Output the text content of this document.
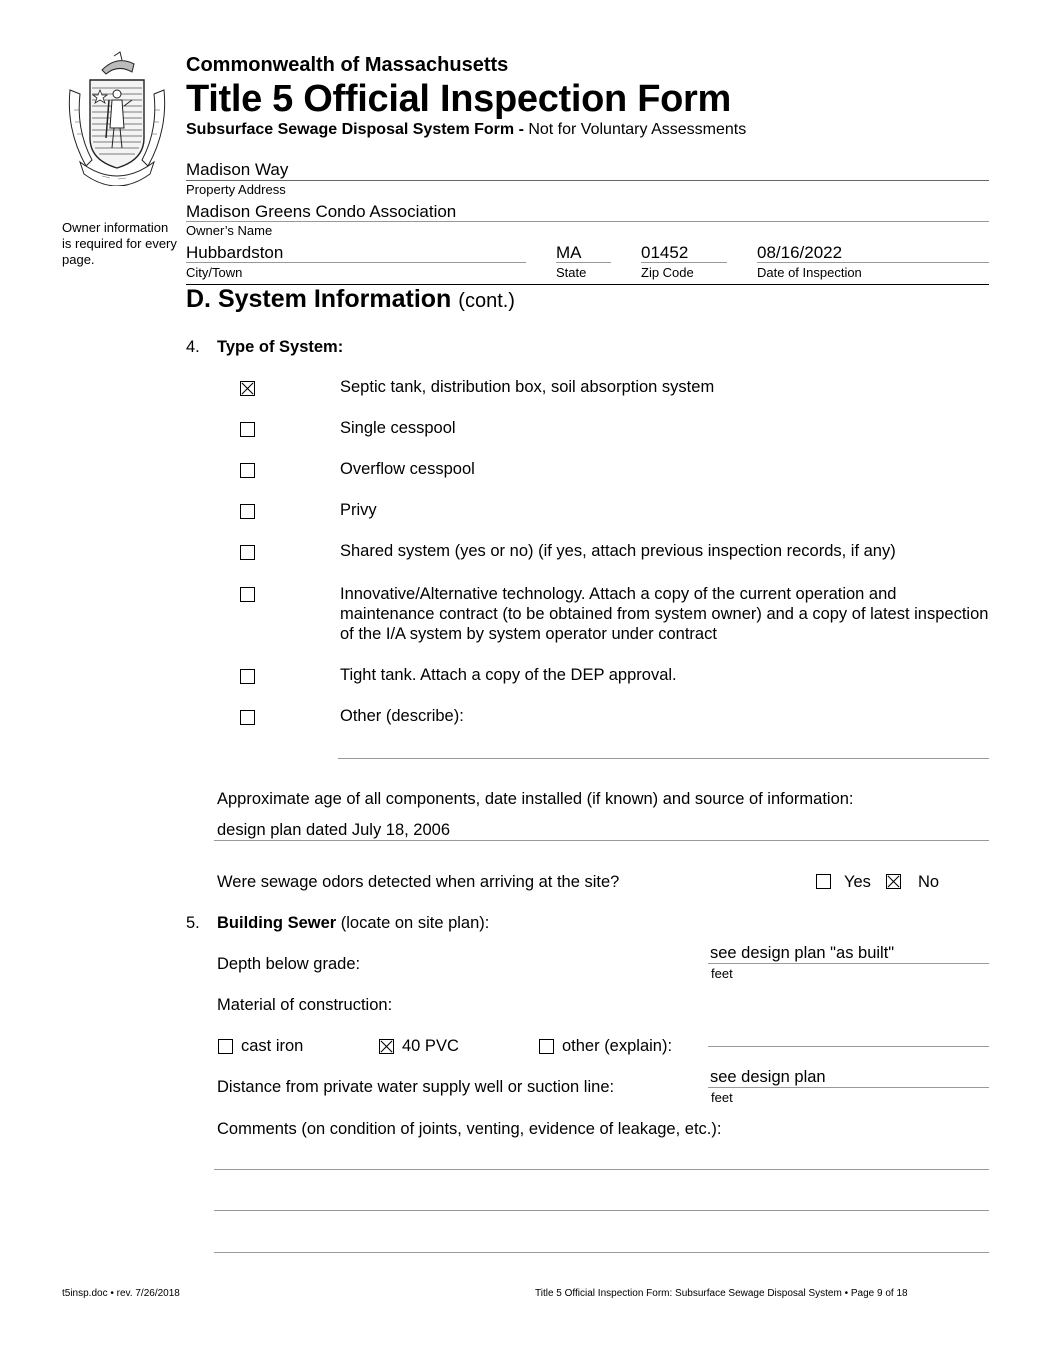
Owner information is required for every page.
Commonwealth of Massachusetts
Title 5 Official Inspection Form
Subsurface Sewage Disposal System Form - Not for Voluntary Assessments
Madison Way
Property Address
Madison Greens Condo Association
Owner’s Name
Hubbardston
City/Town
MA
State
01452
Zip Code
08/16/2022
Date of Inspection
D. System Information (cont.)
4. Type of System:
Septic tank, distribution box, soil absorption system
Single cesspool
Overflow cesspool
Privy
Shared system (yes or no) (if yes, attach previous inspection records, if any)
Innovative/Alternative technology. Attach a copy of the current operation and maintenance contract (to be obtained from system owner) and a copy of latest inspection of the I/A system by system operator under contract
Tight tank. Attach a copy of the DEP approval.
Other (describe):
Approximate age of all components, date installed (if known) and source of information:
design plan dated July 18, 2006
Were sewage odors detected when arriving at the site?	Yes	No
5. Building Sewer (locate on site plan):
Depth below grade:
see design plan "as built"
feet
Material of construction:
cast iron	40 PVC	other (explain):
Distance from private water supply well or suction line:
see design plan
feet
Comments (on condition of joints, venting, evidence of leakage, etc.):
t5insp.doc • rev. 7/26/2018	Title 5 Official Inspection Form: Subsurface Sewage Disposal System • Page 9 of 18
